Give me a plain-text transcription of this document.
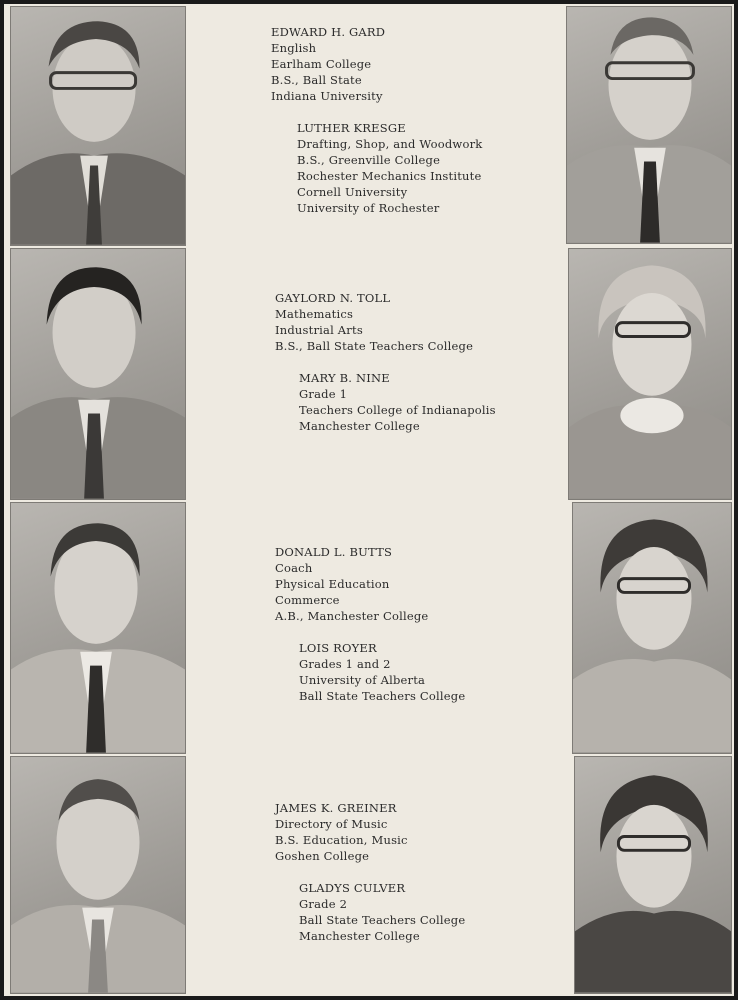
EDWARD H. GARD
English
Earlham College
B.S., Ball State
Indiana University
LUTHER KRESGE
Drafting, Shop, and Woodwork
B.S., Greenville College
Rochester Mechanics Institute
Cornell University
University of Rochester
GAYLORD N. TOLL
Mathematics
Industrial Arts
B.S., Ball State Teachers College
MARY B. NINE
Grade 1
Teachers College of Indianapolis
Manchester College
DONALD L. BUTTS
Coach
Physical Education
Commerce
A.B., Manchester College
LOIS ROYER
Grades 1 and 2
University of Alberta
Ball State Teachers College
JAMES K. GREINER
Directory of Music
B.S. Education, Music
Goshen College
GLADYS CULVER
Grade 2
Ball State Teachers College
Manchester College
